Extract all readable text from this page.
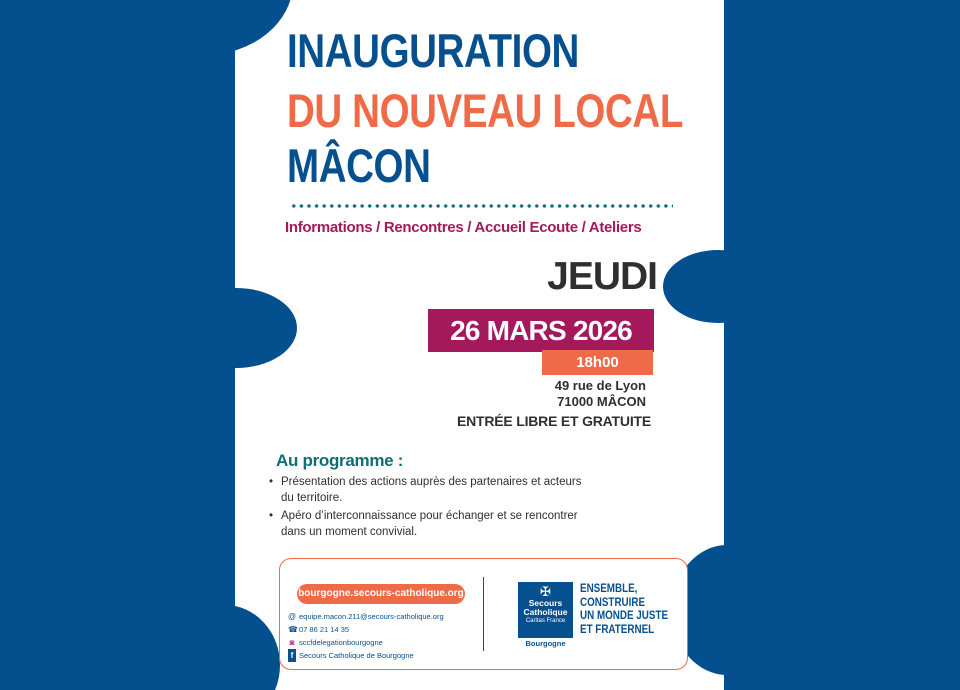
INAUGURATION
DU NOUVEAU LOCAL
MÂCON
Informations / Rencontres / Accueil Ecoute / Ateliers
JEUDI
26 MARS 2026
18h00
49 rue de Lyon
71000 MÂCON
ENTRÉE LIBRE ET GRATUITE
Au programme :
• Présentation des actions auprès des partenaires et acteurs du territoire.
• Apéro d’interconnaissance pour échanger et se rencontrer dans un moment convivial.
bourgogne.secours-catholique.org
@ equipe.macon.211@secours-catholique.org
☎07 86 21 14 35
◙ sccfdelegationbourgogne
f Secours Catholique de Bourgogne
✠
Secours
Catholique
Caritas France
Bourgogne
ENSEMBLE,
CONSTRUIRE
UN MONDE JUSTE
ET FRATERNEL
